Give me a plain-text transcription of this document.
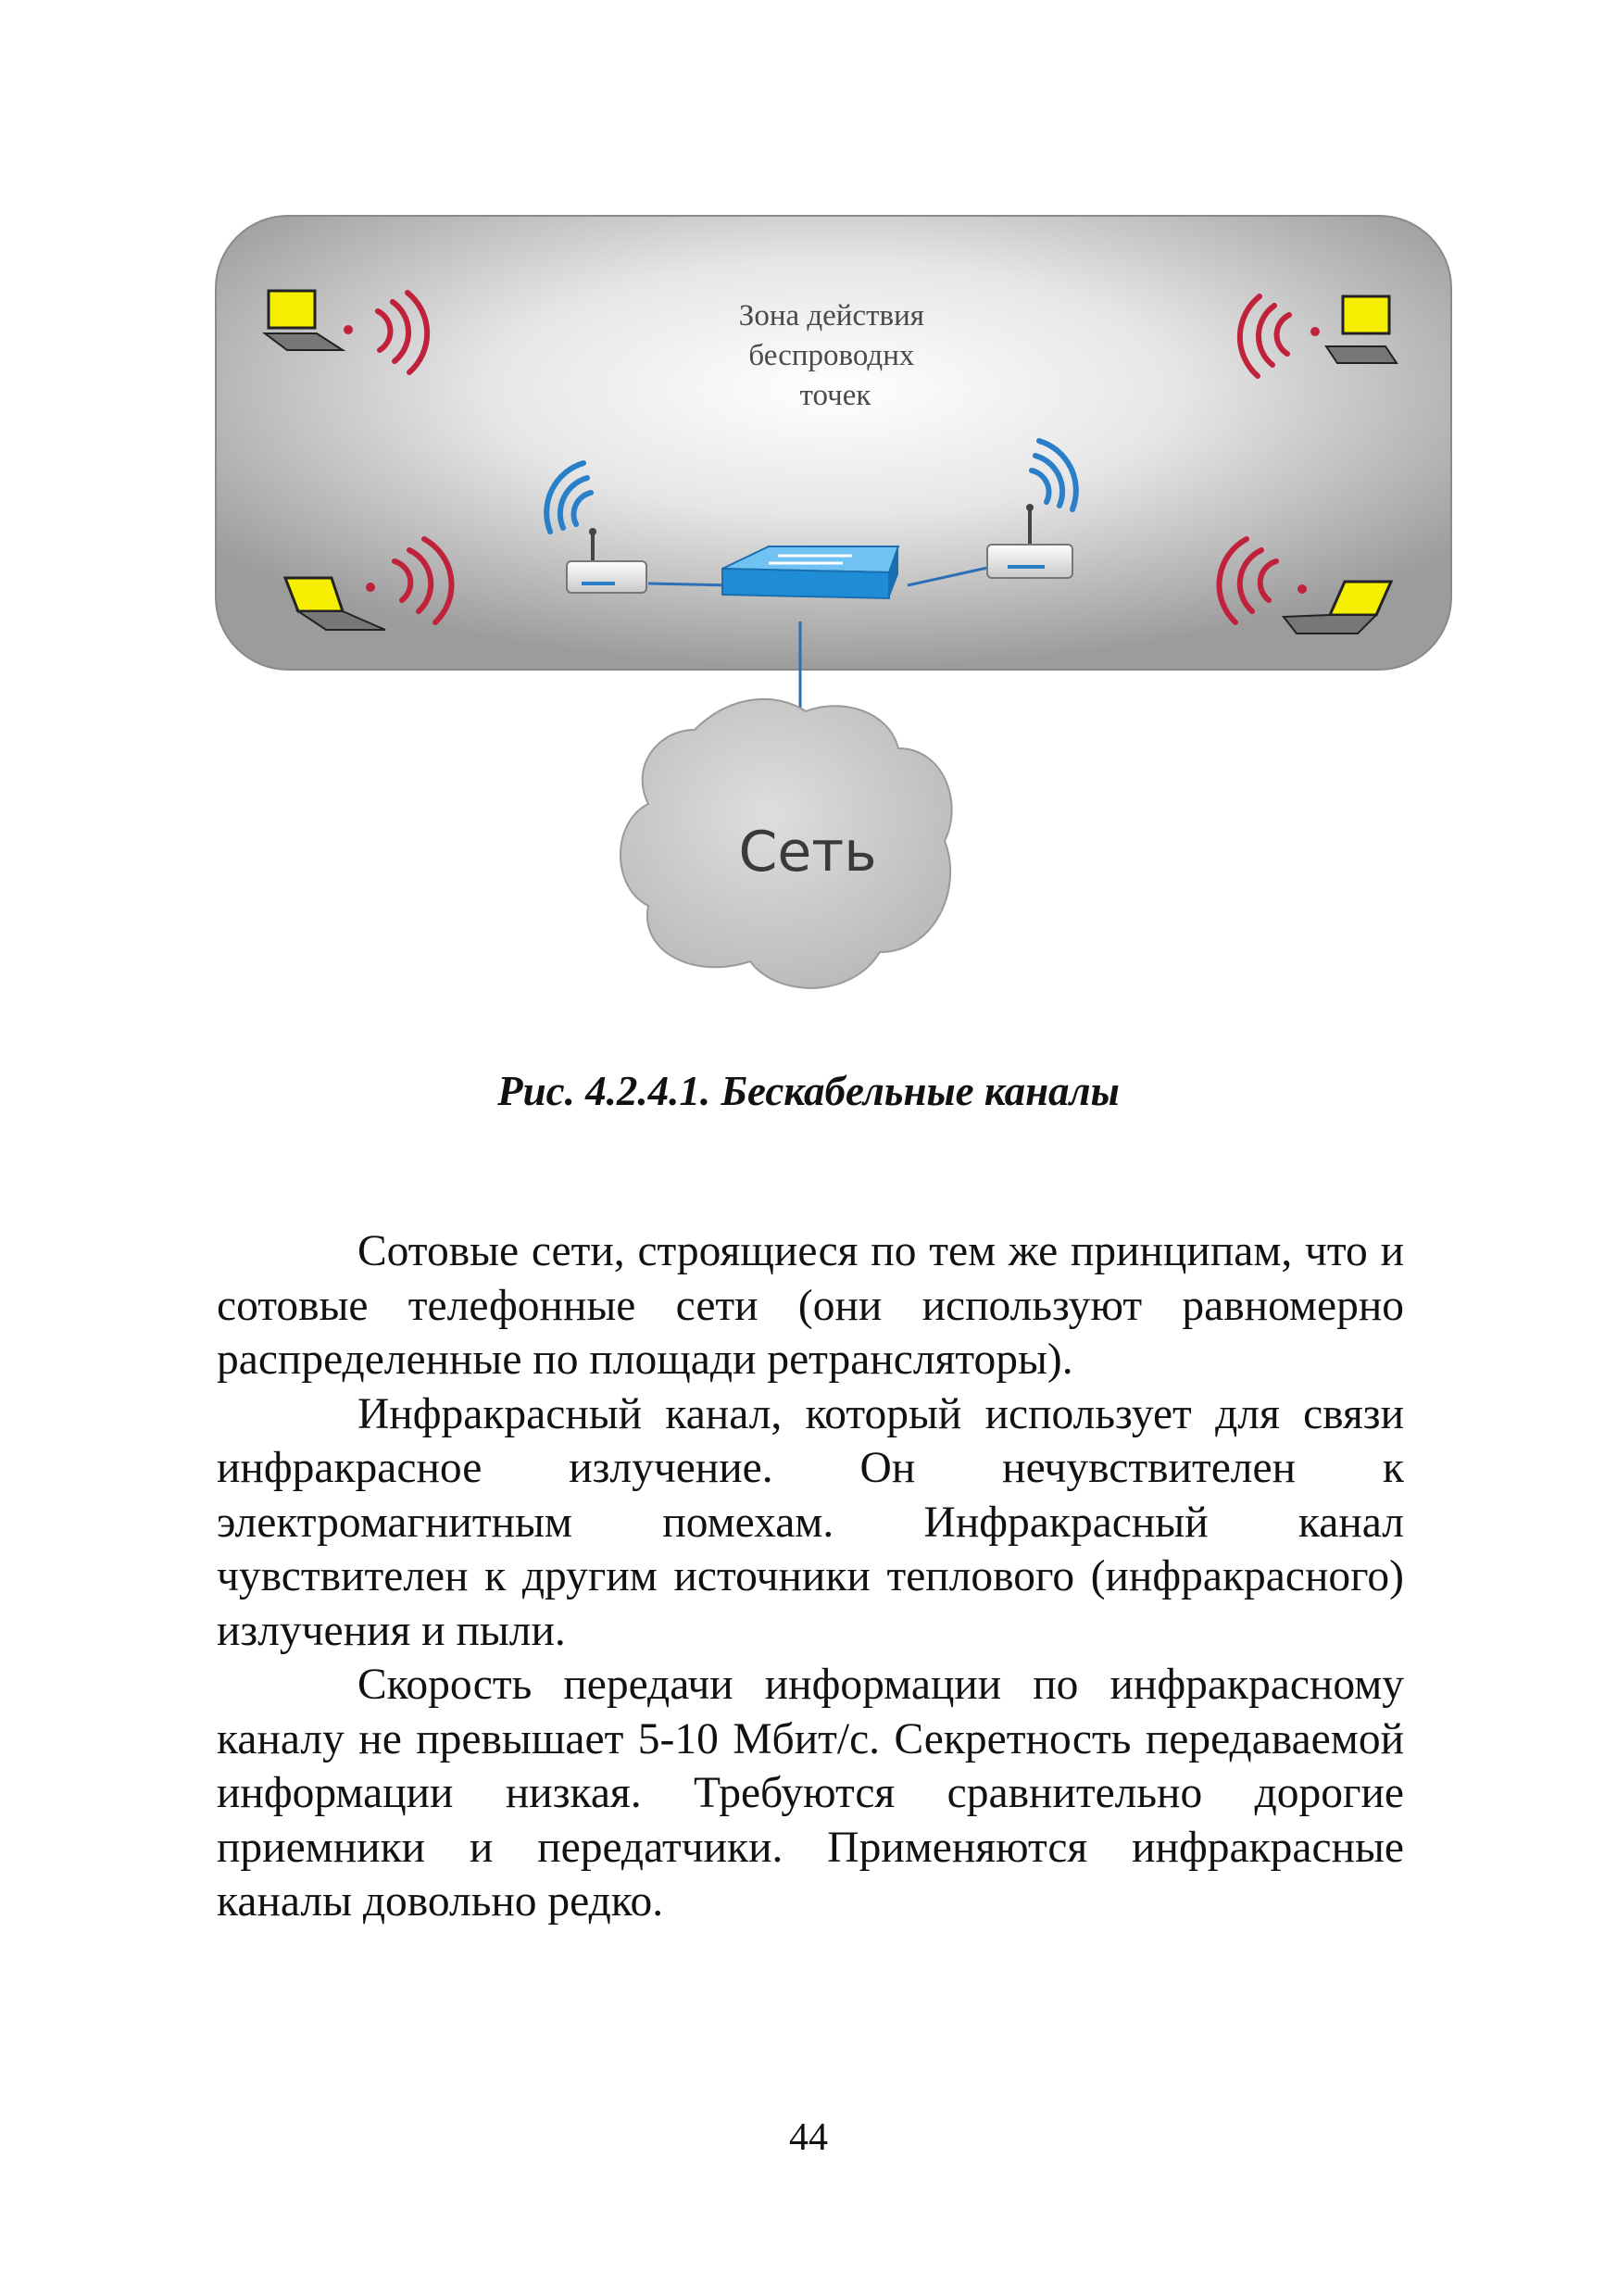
Зона действия беспроводнх точек
Сеть
Рис. 4.2.4.1. Бескабельные каналы

Сотовые сети, строящиеся по тем же принципам, что и сотовые телефонные сети (они используют равномерно распределенные по площади ретрансляторы).

Инфракрасный канал, который использует для связи инфракрасное излучение. Он нечувствителен к электромагнитным помехам. Инфракрасный канал чувствителен к другим источники теплового (инфракрасного) излучения и пыли.

Скорость передачи информации по инфракрасному каналу не превышает 5-10 Мбит/с. Секретность передаваемой информации низкая. Требуются сравнительно дорогие приемники и передатчики. Применяются инфракрасные каналы довольно редко.

44
